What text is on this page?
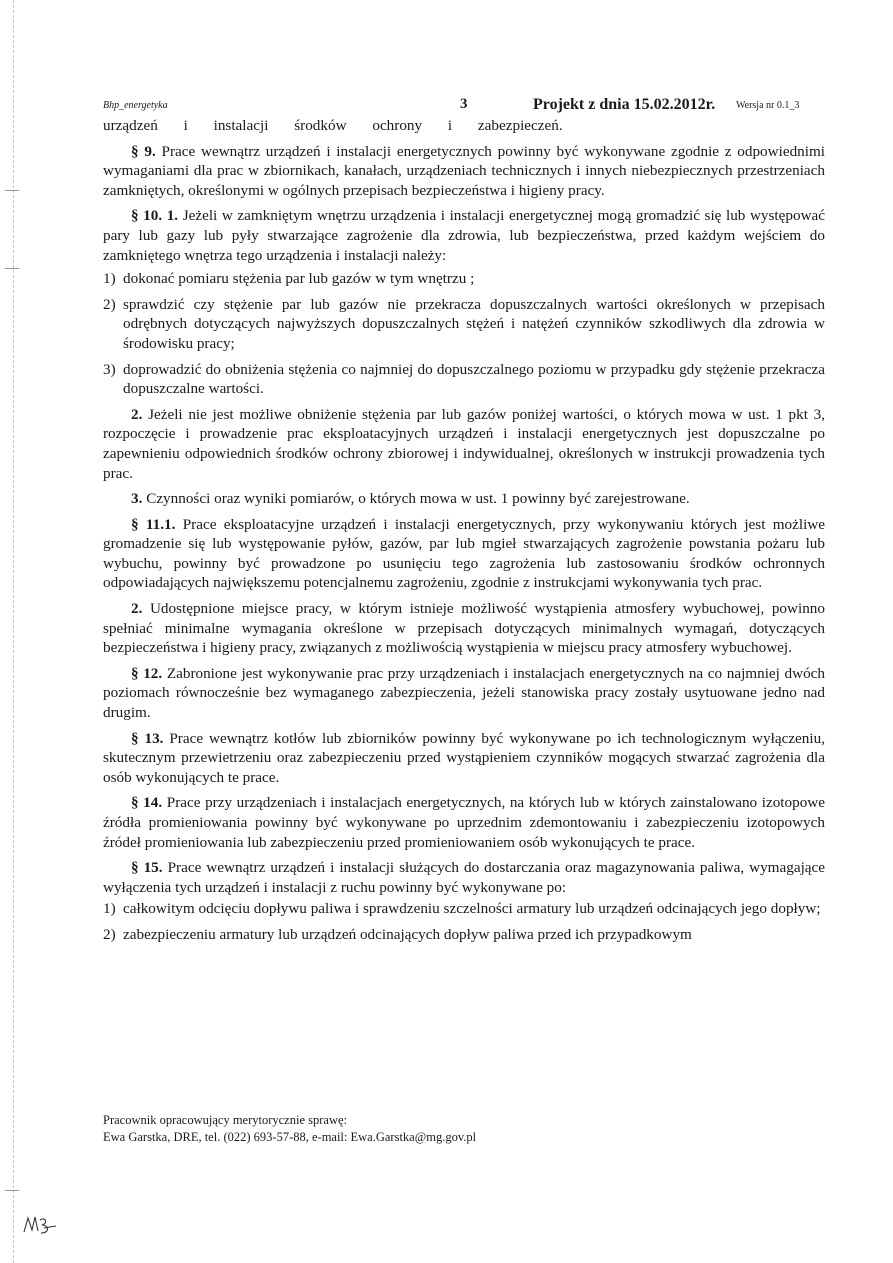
Bhp_energetyka	3	Projekt z dnia 15.02.2012r. Wersja nr 0.1_3

urządzeń i instalacji środków ochrony i zabezpieczeń.

§ 9. Prace wewnątrz urządzeń i instalacji energetycznych powinny być wykonywane zgodnie z odpowiednimi wymaganiami dla prac w zbiornikach, kanałach, urządzeniach technicznych i innych niebezpiecznych przestrzeniach zamkniętych, określonymi w ogólnych przepisach bezpieczeństwa i higieny pracy.

§ 10. 1. Jeżeli w zamkniętym wnętrzu urządzenia i instalacji energetycznej mogą gromadzić się lub występować pary lub gazy lub pyły stwarzające zagrożenie dla zdrowia, lub bezpieczeństwa, przed każdym wejściem do zamkniętego wnętrza tego urządzenia i instalacji należy:

1) dokonać pomiaru stężenia par lub gazów w tym wnętrzu ;
2) sprawdzić czy stężenie par lub gazów nie przekracza dopuszczalnych wartości określonych w przepisach odrębnych dotyczących najwyższych dopuszczalnych stężeń i natężeń czynników szkodliwych dla zdrowia w środowisku pracy;
3) doprowadzić do obniżenia stężenia co najmniej do dopuszczalnego poziomu w przypadku gdy stężenie przekracza dopuszczalne wartości.

2. Jeżeli nie jest możliwe obniżenie stężenia par lub gazów poniżej wartości, o których mowa w ust. 1 pkt 3, rozpoczęcie i prowadzenie prac eksploatacyjnych urządzeń i instalacji energetycznych jest dopuszczalne po zapewnieniu odpowiednich środków ochrony zbiorowej i indywidualnej, określonych w instrukcji prowadzenia tych prac.

3. Czynności oraz wyniki pomiarów, o których mowa w ust. 1 powinny być zarejestrowane.

§ 11.1. Prace eksploatacyjne urządzeń i instalacji energetycznych, przy wykonywaniu których jest możliwe gromadzenie się lub występowanie pyłów, gazów, par lub mgieł stwarzających zagrożenie powstania pożaru lub wybuchu, powinny być prowadzone po usunięciu tego zagrożenia lub zastosowaniu środków ochronnych odpowiadających największemu potencjalnemu zagrożeniu, zgodnie z instrukcjami wykonywania tych prac.

2. Udostępnione miejsce pracy, w którym istnieje możliwość wystąpienia atmosfery wybuchowej, powinno spełniać minimalne wymagania określone w przepisach dotyczących minimalnych wymagań, dotyczących bezpieczeństwa i higieny pracy, związanych z możliwością wystąpienia w miejscu pracy atmosfery wybuchowej.

§ 12. Zabronione jest wykonywanie prac przy urządzeniach i instalacjach energetycznych na co najmniej dwóch poziomach równocześnie bez wymaganego zabezpieczenia, jeżeli stanowiska pracy zostały usytuowane jedno nad drugim.

§ 13. Prace wewnątrz kotłów lub zbiorników powinny być wykonywane po ich technologicznym wyłączeniu, skutecznym przewietrzeniu oraz zabezpieczeniu przed wystąpieniem czynników mogących stwarzać zagrożenia dla osób wykonujących te prace.

§ 14. Prace przy urządzeniach i instalacjach energetycznych, na których lub w których zainstalowano izotopowe źródła promieniowania powinny być wykonywane po uprzednim zdemontowaniu i zabezpieczeniu izotopowych źródeł promieniowania lub zabezpieczeniu przed promieniowaniem osób wykonujących te prace.

§ 15. Prace wewnątrz urządzeń i instalacji służących do dostarczania oraz magazynowania paliwa, wymagające wyłączenia tych urządzeń i instalacji z ruchu powinny być wykonywane po:

1) całkowitym odcięciu dopływu paliwa i sprawdzeniu szczelności armatury lub urządzeń odcinających jego dopływ;
2) zabezpieczeniu armatury lub urządzeń odcinających dopływ paliwa przed ich przypadkowym
Pracownik opracowujący merytorycznie sprawę:
Ewa Garstka, DRE, tel. (022) 693-57-88, e-mail: Ewa.Garstka@mg.gov.pl
